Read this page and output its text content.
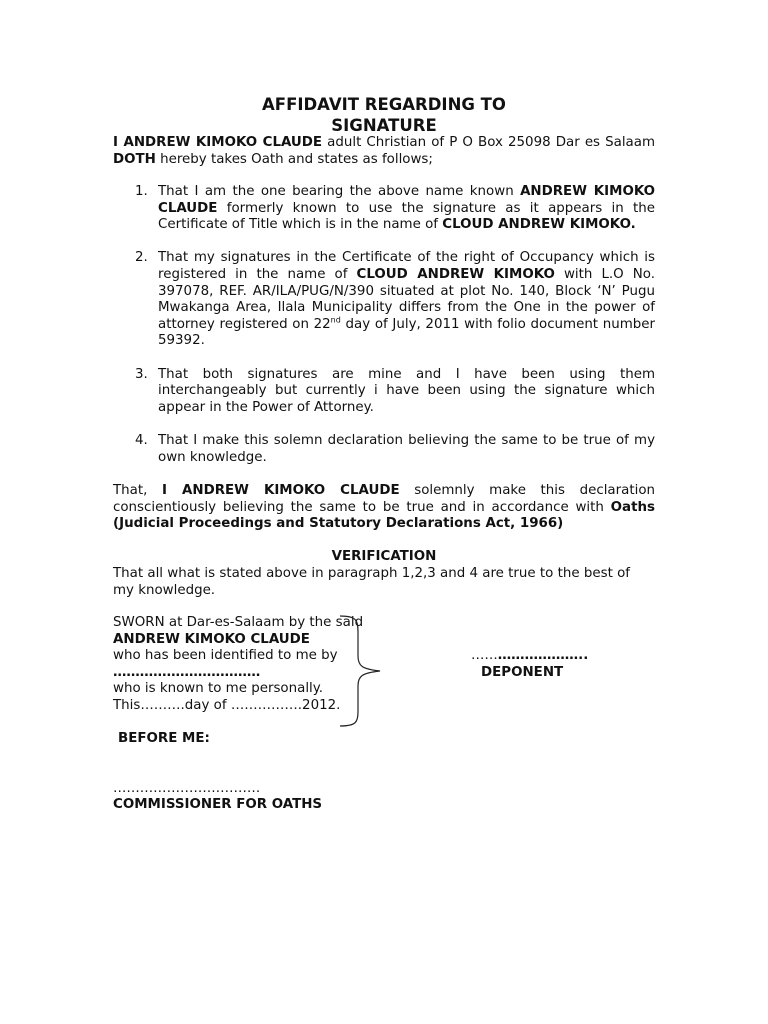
AFFIDAVIT REGARDING TO
SIGNATURE
I ANDREW KIMOKO CLAUDE adult Christian of P O Box 25098 Dar es Salaam DOTH hereby takes Oath and states as follows;
1. That I am the one bearing the above name known ANDREW KIMOKO CLAUDE formerly known to use the signature as it appears in the Certificate of Title which is in the name of CLOUD ANDREW KIMOKO.
2. That my signatures in the Certificate of the right of Occupancy which is registered in the name of CLOUD ANDREW KIMOKO with L.O No. 397078, REF. AR/ILA/PUG/N/390 situated at plot No. 140, Block ‘N’ Pugu Mwakanga Area, Ilala Municipality differs from the One in the power of attorney registered on 22nd day of July, 2011 with folio document number 59392.
3. That both signatures are mine and I have been using them interchangeably but currently i have been using the signature which appear in the Power of Attorney.
4. That I make this solemn declaration believing the same to be true of my own knowledge.
That, I ANDREW KIMOKO CLAUDE solemnly make this declaration conscientiously believing the same to be true and in accordance with Oaths (Judicial Proceedings and Statutory Declarations Act, 1966)
VERIFICATION
That all what is stated above in paragraph 1,2,3 and 4 are true to the best of my knowledge.
SWORN at Dar-es-Salaam by the said
ANDREW KIMOKO CLAUDE
who has been identified to me by
……………………………
who is known to me personally.
This……….day of …………….2012.
……………………..
DEPONENT
BEFORE ME:
……………………………
COMMISSIONER FOR OATHS
